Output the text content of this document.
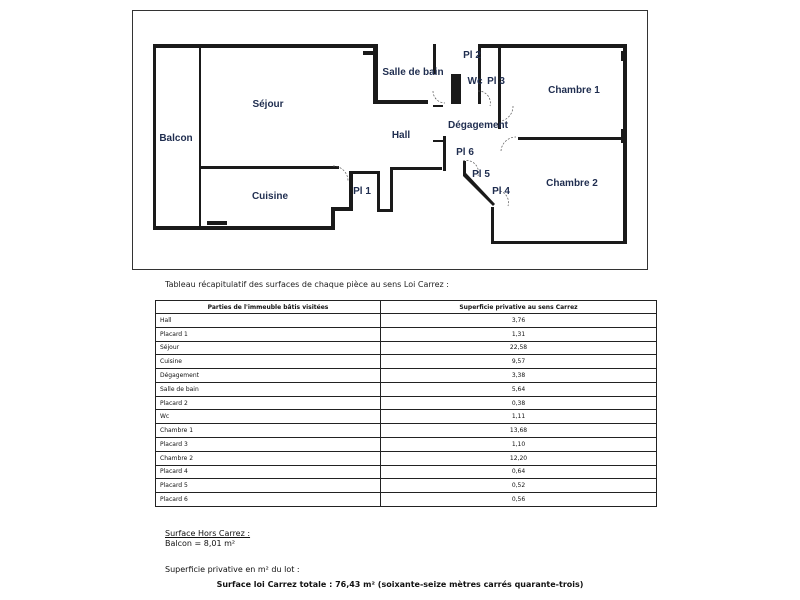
Séjour
Balcon
Cuisine
Salle de bain
Hall
Pl 1
Pl 2
Pl 3
Wc
Dégagement
Pl 6
Pl 5
Pl 4
Chambre 1
Chambre 2
Tableau récapitulatif des surfaces de chaque pièce au sens Loi Carrez :
Parties de l'immeuble bâtis visitées	Superficie privative au sens Carrez
Hall	3,76
Placard 1	1,31
Séjour	22,58
Cuisine	9,57
Dégagement	3,38
Salle de bain	5,64
Placard 2	0,38
Wc	1,11
Chambre 1	13,68
Placard 3	1,10
Chambre 2	12,20
Placard 4	0,64
Placard 5	0,52
Placard 6	0,56
Surface Hors Carrez :
Balcon = 8,01 m²
Superficie privative en m² du lot :
Surface loi Carrez totale : 76,43 m² (soixante-seize mètres carrés quarante-trois)
